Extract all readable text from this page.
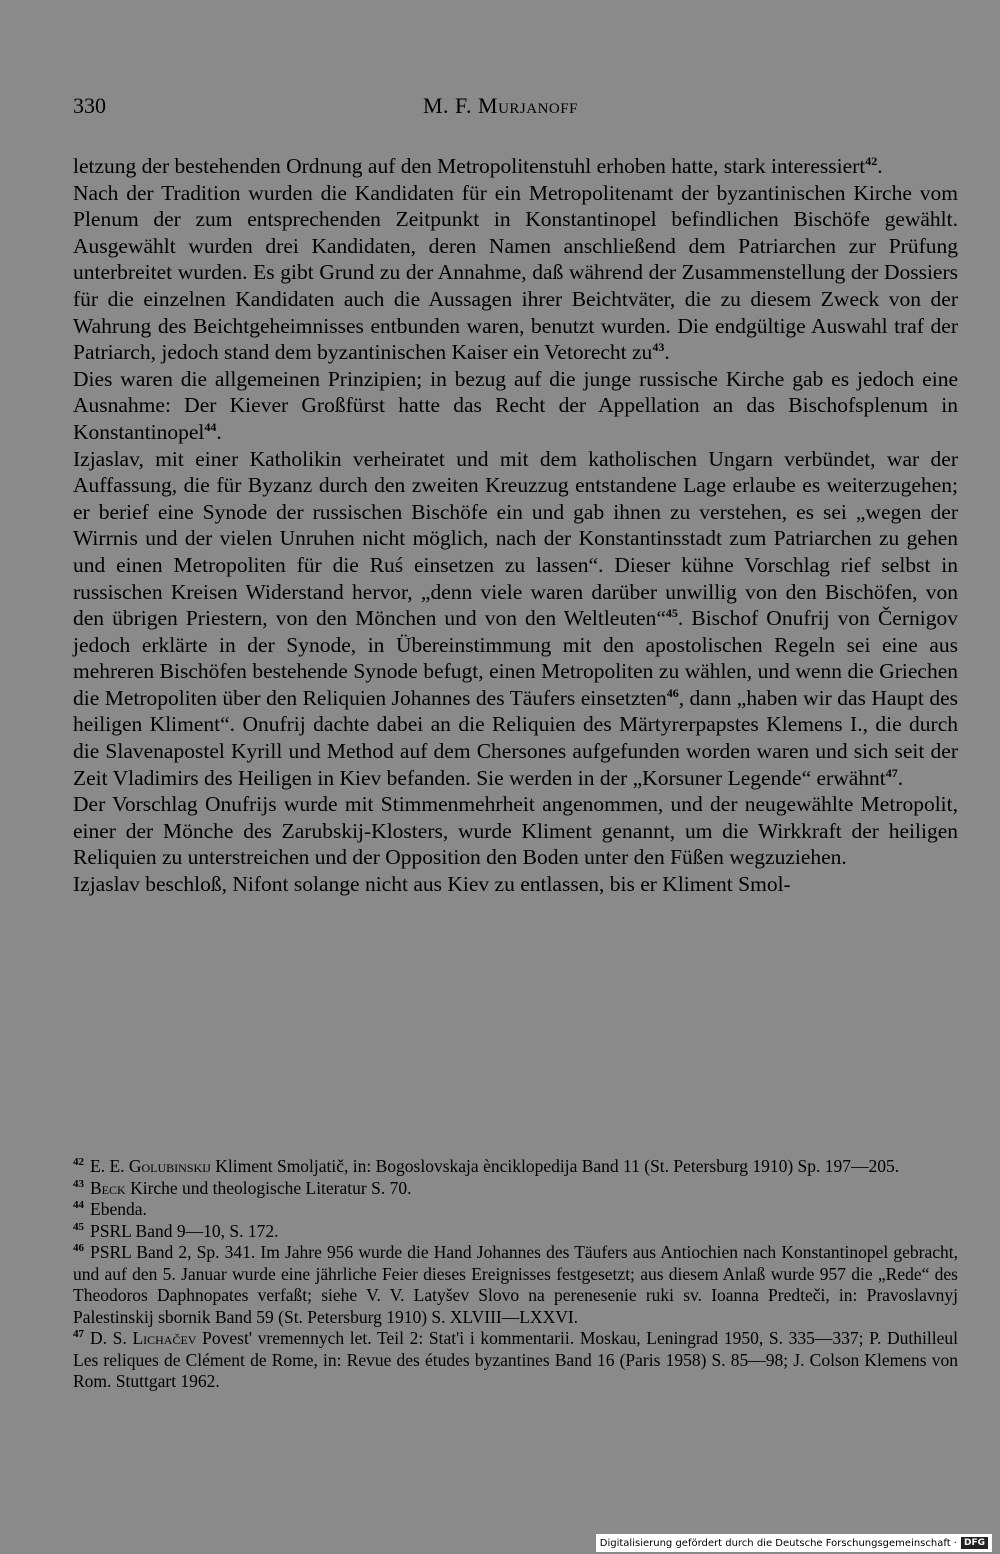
330	M. F. Murjanoff

letzung der bestehenden Ordnung auf den Metropolitenstuhl erhoben hatte, stark interessiert$^{42}$.

Nach der Tradition wurden die Kandidaten für ein Metropolitenamt der byzantinischen Kirche vom Plenum der zum entsprechenden Zeitpunkt in Konstantinopel befindlichen Bischöfe gewählt. Ausgewählt wurden drei Kandidaten, deren Namen anschließend dem Patriarchen zur Prüfung unterbreitet wurden. Es gibt Grund zu der Annahme, daß während der Zusammenstellung der Dossiers für die einzelnen Kandidaten auch die Aussagen ihrer Beichtväter, die zu diesem Zweck von der Wahrung des Beichtgeheimnisses entbunden waren, benutzt wurden. Die endgültige Auswahl traf der Patriarch, jedoch stand dem byzantinischen Kaiser ein Vetorecht $zu^{43}$.

Dies waren die allgemeinen Prinzipien; in bezug auf die junge russische Kirche gab es jedoch eine Ausnahme: Der Kiever Großfürst hatte das Recht der Appellation an das Bischofsplenum in Konstantinopel$^{44}$.

Izjaslav, mit einer Katholikin verheiratet und mit dem katholischen Ungarn verbündet, war der Auffassung, die für Byzanz durch den zweiten Kreuzzug entstandene Lage erlaube es weiterzugehen; er berief eine Synode der russischen Bischöfe ein und gab ihnen zu verstehen, es sei „wegen der Wirrnis und der vielen Unruhen nicht möglich, nach der Konstantinsstadt zum Patriarchen zu gehen und einen Metropoliten für die Ruś einsetzen zu lassen“. Dieser kühne Vorschlag rief selbst in russischen Kreisen Widerstand hervor, „denn viele waren darüber unwillig von den Bischöfen, von den übrigen Priestern, von den Mönchen und von den Weltleuten“$^{45}$. Bischof Onufrij von Černigov jedoch erklärte in der Synode, in Übereinstimmung mit den apostolischen Regeln sei eine aus mehreren Bischöfen bestehende Synode befugt, einen Metropoliten zu wählen, und wenn die Griechen die Metropoliten über den Reliquien Johannes des Täufers einsetzten$^{46}$, dann „haben wir das Haupt des heiligen Kliment“. Onufrij dachte dabei an die Reliquien des Märtyrerpapstes Klemens I., die durch die Slavenapostel Kyrill und Method auf dem Chersones aufgefunden worden waren und sich seit der Zeit Vladimirs des Heiligen in Kiev befanden. Sie werden in der „Korsuner Legende“ erwähnt$^{47}$.

Der Vorschlag Onufrijs wurde mit Stimmenmehrheit angenommen, und der neugewählte Metropolit, einer der Mönche des Zarubskij-Klosters, wurde Kliment genannt, um die Wirkkraft der heiligen Reliquien zu unterstreichen und der Opposition den Boden unter den Füßen wegzuziehen.

Izjaslav beschloß, Nifont solange nicht aus Kiev zu entlassen, bis er Kliment Smol-

$^{42}$ E. E. Golubinskij Kliment Smoljatič, in: Bogoslovskaja ènciklopedija Band 11 (St. Petersburg 1910) Sp. 197—205.

$^{43}$ Beck Kirche und theologische Literatur S. 70.

$^{44}$ Ebenda.

$^{45}$ PSRL Band 9—10, S. 172.

$^{46}$ PSRL Band 2, Sp. 341. Im Jahre 956 wurde die Hand Johannes des Täufers aus Antiochien nach Konstantinopel gebracht, und auf den 5. Januar wurde eine jährliche Feier dieses Ereignisses festgesetzt; aus diesem Anlaß wurde 957 die „Rede“ des Theodoros Daphnopates verfaßt; siehe V. V. Latyšev Slovo na perenesenie ruki sv. Ioanna Predteči, in: Pravoslavnyj Palestinskij sbornik Band 59 (St. Petersburg 1910) S. XLVIII—LXXVI.

$^{47}$ D. S. Lichačev Povest' vremennych let. Teil 2: Stat'i i kommentarii. Moskau, Leningrad 1950, S. 335—337; P. Duthilleul Les reliques de Clément de Rome, in: Revue des études byzantines Band 16 (Paris 1958) S. 85—98; J. Colson Klemens von Rom. Stuttgart 1962.

Digitalisierung gefördert durch die Deutsche Forschungsgemeinschaft · DFG
